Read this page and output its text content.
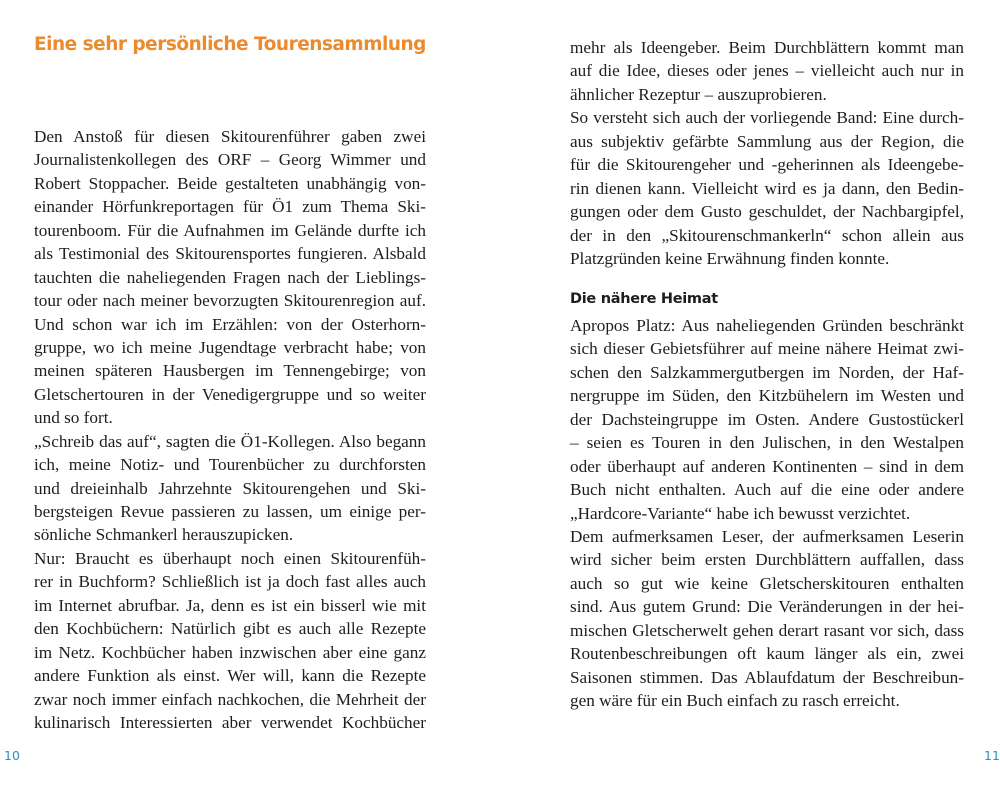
Eine sehr persönliche Tourensammlung
Den Anstoß für diesen Skitourenführer gaben zwei
Journalistenkollegen des ORF – Georg Wimmer und
Robert Stoppacher. Beide gestalteten unabhängig von-
einander Hörfunkreportagen für Ö1 zum Thema Ski-
tourenboom. Für die Aufnahmen im Gelände durfte ich
als Testimonial des Skitourensportes fungieren. Alsbald
tauchten die naheliegenden Fragen nach der Lieblings-
tour oder nach meiner bevorzugten Skitourenregion auf.
Und schon war ich im Erzählen: von der Osterhorn-
gruppe, wo ich meine Jugendtage verbracht habe; von
meinen späteren Hausbergen im Tennengebirge; von
Gletschertouren in der Venedigergruppe und so weiter
und so fort.
„Schreib das auf“, sagten die Ö1-Kollegen. Also begann
ich, meine Notiz- und Tourenbücher zu durchforsten
und dreieinhalb Jahrzehnte Skitourengehen und Ski-
bergsteigen Revue passieren zu lassen, um einige per-
sönliche Schmankerl herauszupicken.
Nur: Braucht es überhaupt noch einen Skitourenfüh-
rer in Buchform? Schließlich ist ja doch fast alles auch
im Internet abrufbar. Ja, denn es ist ein bisserl wie mit
den Kochbüchern: Natürlich gibt es auch alle Rezepte
im Netz. Kochbücher haben inzwischen aber eine ganz
andere Funktion als einst. Wer will, kann die Rezepte
zwar noch immer einfach nachkochen, die Mehrheit der
kulinarisch Interessierten aber verwendet Kochbücher
10
mehr als Ideengeber. Beim Durchblättern kommt man
auf die Idee, dieses oder jenes – vielleicht auch nur in
ähnlicher Rezeptur – auszuprobieren.
So versteht sich auch der vorliegende Band: Eine durch-
aus subjektiv gefärbte Sammlung aus der Region, die
für die Skitourengeher und -geherinnen als Ideengebe-
rin dienen kann. Vielleicht wird es ja dann, den Bedin-
gungen oder dem Gusto geschuldet, der Nachbargipfel,
der in den „Skitourenschmankerln“ schon allein aus
Platzgründen keine Erwähnung finden konnte.
Die nähere Heimat
Apropos Platz: Aus naheliegenden Gründen beschränkt
sich dieser Gebietsführer auf meine nähere Heimat zwi-
schen den Salzkammergutbergen im Norden, der Haf-
nergruppe im Süden, den Kitzbühelern im Westen und
der Dachsteingruppe im Osten. Andere Gustostückerl
– seien es Touren in den Julischen, in den Westalpen
oder überhaupt auf anderen Kontinenten – sind in dem
Buch nicht enthalten. Auch auf die eine oder andere
„Hardcore-Variante“ habe ich bewusst verzichtet.
Dem aufmerksamen Leser, der aufmerksamen Leserin
wird sicher beim ersten Durchblättern auffallen, dass
auch so gut wie keine Gletscherskitouren enthalten
sind. Aus gutem Grund: Die Veränderungen in der hei-
mischen Gletscherwelt gehen derart rasant vor sich, dass
Routenbeschreibungen oft kaum länger als ein, zwei
Saisonen stimmen. Das Ablaufdatum der Beschreibun-
gen wäre für ein Buch einfach zu rasch erreicht.
11
